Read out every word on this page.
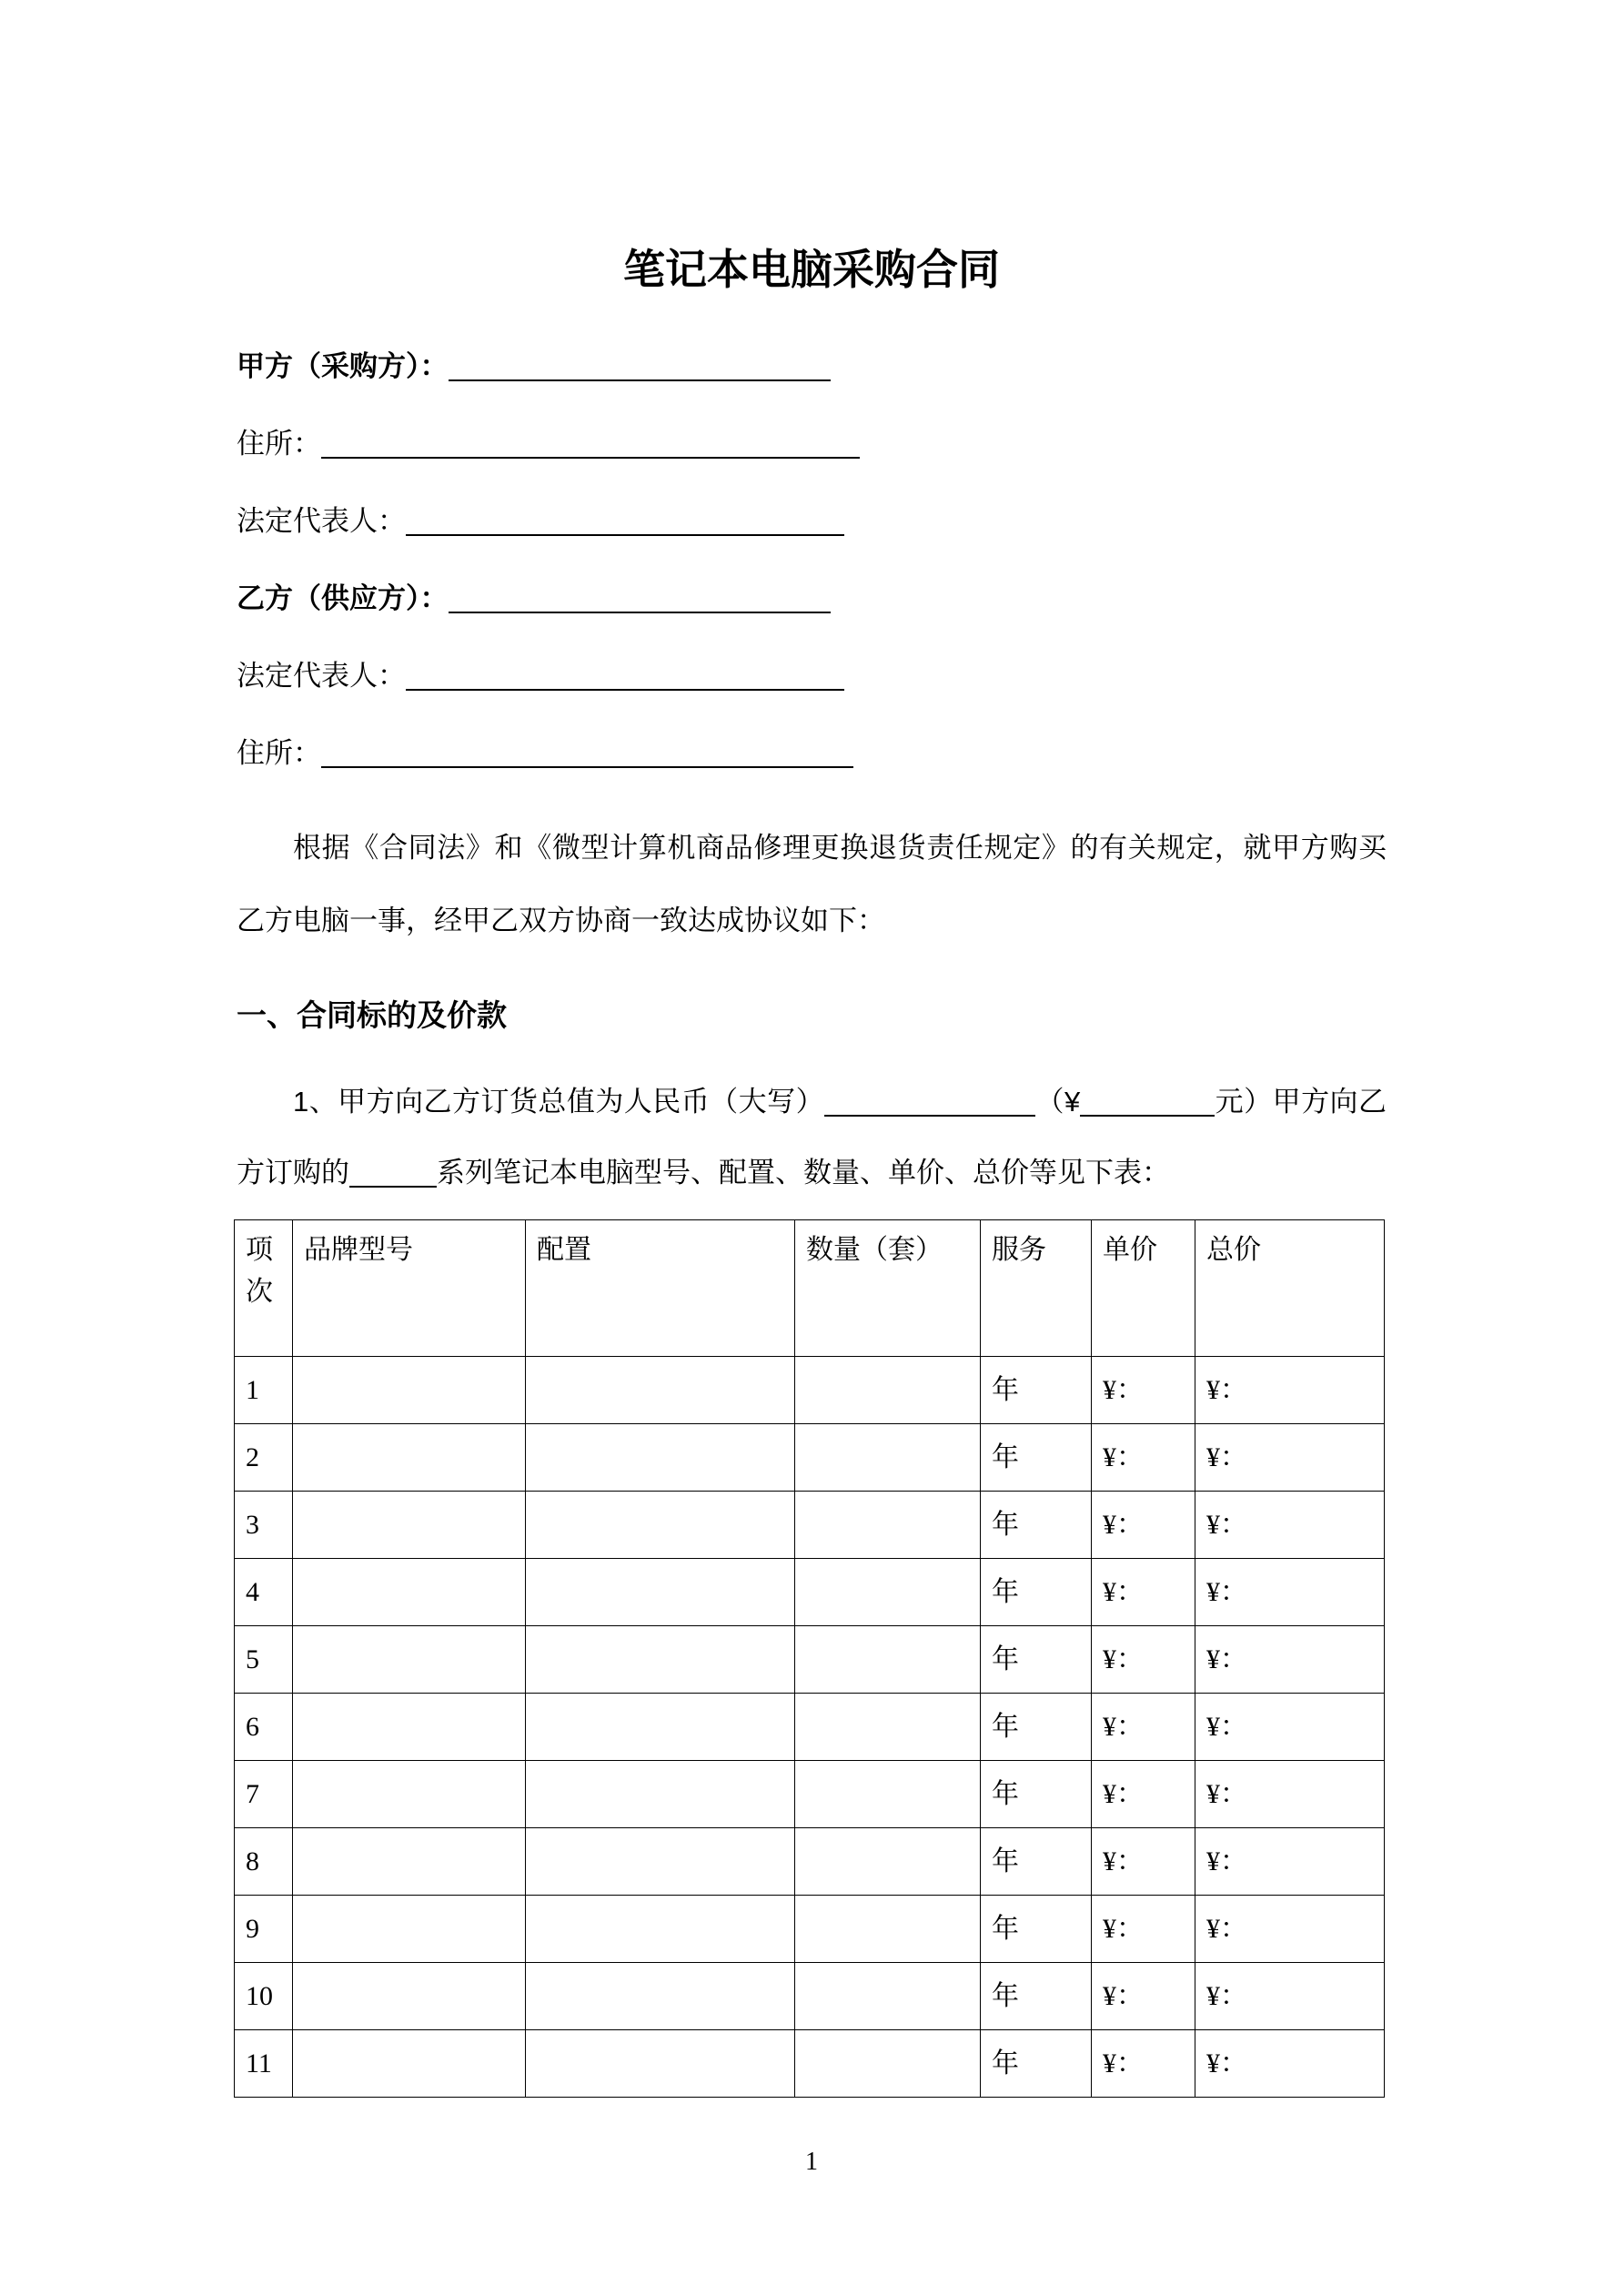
笔记本电脑采购合同
甲方（采购方）：
住所：
法定代表人：
乙方（供应方）：
法定代表人：
住所：

根据《合同法》和《微型计算机商品修理更换退货责任规定》的有关规定，就甲方购买乙方电脑一事，经甲乙双方协商一致达成协议如下：

一、合同标的及价款

1、甲方向乙方订货总值为人民币（大写）	（¥	元）甲方向乙方订购的	系列笔记本电脑型号、配置、数量、单价、总价等见下表：

项次	品牌型号	配置	数量（套）	服务	单价	总价
1				年	¥：	¥：
2				年	¥：	¥：
3				年	¥：	¥：
4				年	¥：	¥：
5				年	¥：	¥：
6				年	¥：	¥：
7				年	¥：	¥：
8				年	¥：	¥：
9				年	¥：	¥：
10				年	¥：	¥：
11				年	¥：	¥：
1
